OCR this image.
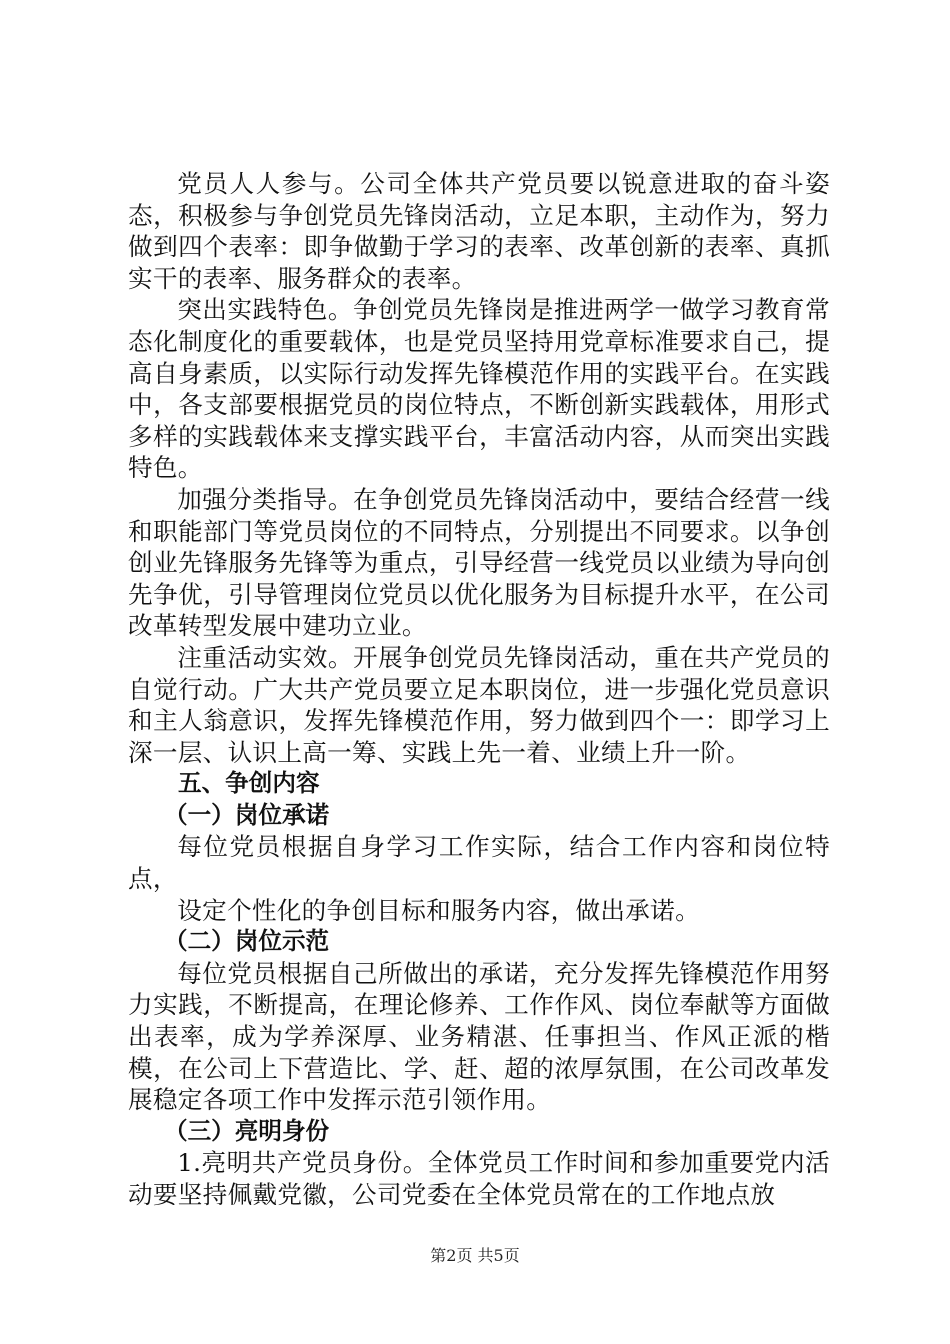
党员人人参与。公司全体共产党员要以锐意进取的奋斗姿态，积极参与争创党员先锋岗活动，立足本职，主动作为，努力做到四个表率：即争做勤于学习的表率、改革创新的表率、真抓实干的表率、服务群众的表率。

突出实践特色。争创党员先锋岗是推进两学一做学习教育常态化制度化的重要载体，也是党员坚持用党章标准要求自己，提高自身素质，以实际行动发挥先锋模范作用的实践平台。在实践中，各支部要根据党员的岗位特点，不断创新实践载体，用形式多样的实践载体来支撑实践平台，丰富活动内容，从而突出实践特色。

加强分类指导。在争创党员先锋岗活动中，要结合经营一线和职能部门等党员岗位的不同特点，分别提出不同要求。以争创创业先锋服务先锋等为重点，引导经营一线党员以业绩为导向创先争优，引导管理岗位党员以优化服务为目标提升水平，在公司改革转型发展中建功立业。

注重活动实效。开展争创党员先锋岗活动，重在共产党员的自觉行动。广大共产党员要立足本职岗位，进一步强化党员意识和主人翁意识，发挥先锋模范作用，努力做到四个一：即学习上深一层、认识上高一筹、实践上先一着、业绩上升一阶。

五、争创内容

（一）岗位承诺

每位党员根据自身学习工作实际，结合工作内容和岗位特点，

设定个性化的争创目标和服务内容，做出承诺。

（二）岗位示范

每位党员根据自己所做出的承诺，充分发挥先锋模范作用努力实践，不断提高，在理论修养、工作作风、岗位奉献等方面做出表率，成为学养深厚、业务精湛、任事担当、作风正派的楷模，在公司上下营造比、学、赶、超的浓厚氛围，在公司改革发展稳定各项工作中发挥示范引领作用。

（三）亮明身份

1.亮明共产党员身份。全体党员工作时间和参加重要党内活动要坚持佩戴党徽，公司党委在全体党员常在的工作地点放

第2页 共5页
